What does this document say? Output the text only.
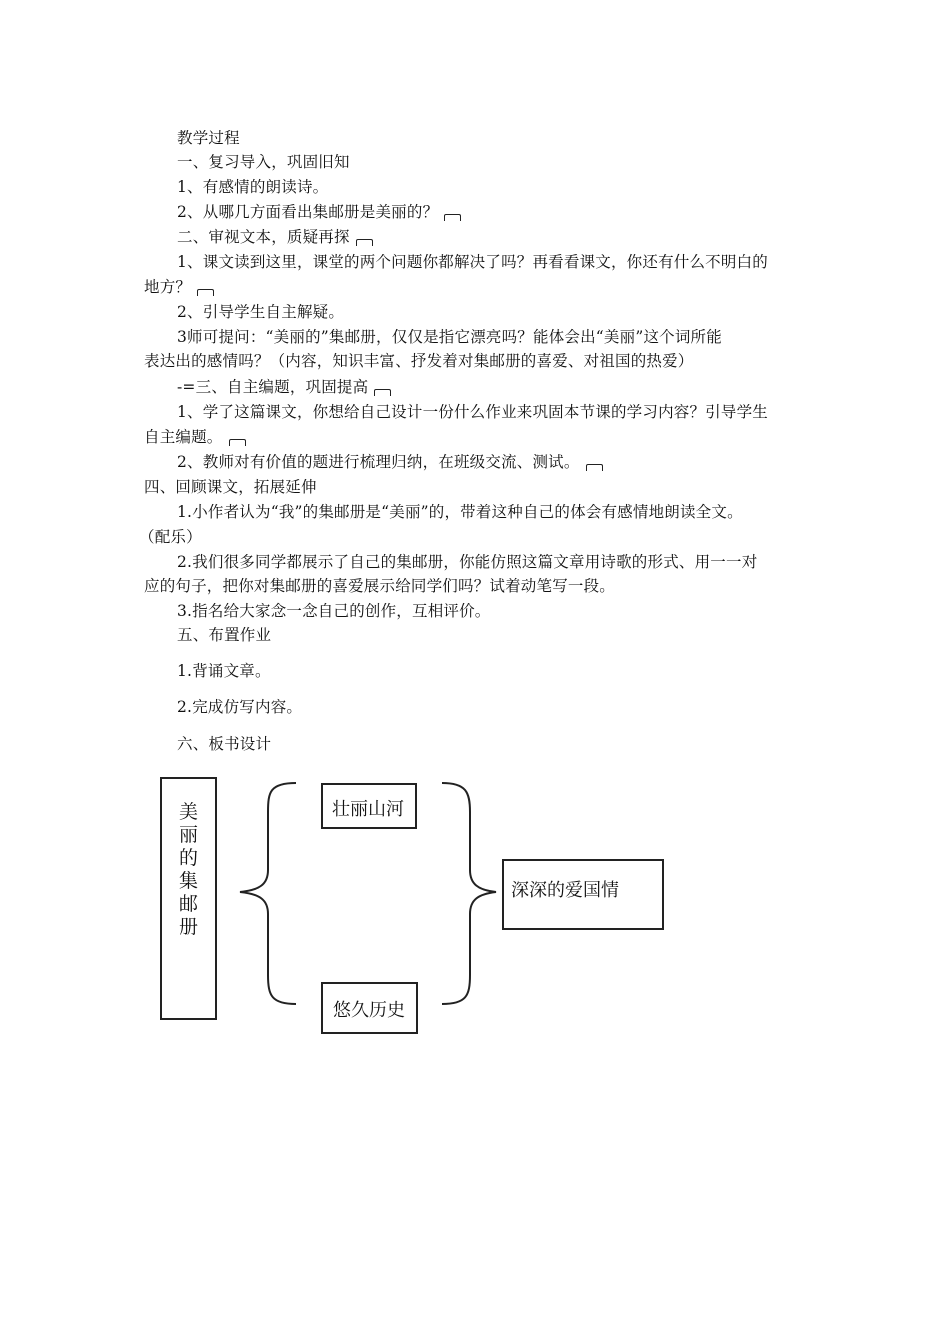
教学过程
一、复习导入，巩固旧知
1、有感情的朗读诗。
2、从哪几方面看出集邮册是美丽的？
二、审视文本，质疑再探
1、课文读到这里，课堂的两个问题你都解决了吗？再看看课文，你还有什么不明白的
地方？
2、引导学生自主解疑。
3师可提问：“美丽的”集邮册，仅仅是指它漂亮吗？能体会出“美丽”这个词所能
表达出的感情吗？（内容，知识丰富、抒发着对集邮册的喜爱、对祖国的热爱）
-=三、自主编题，巩固提高
1、学了这篇课文，你想给自己设计一份什么作业来巩固本节课的学习内容？引导学生
自主编题。
2、教师对有价值的题进行梳理归纳，在班级交流、测试。
四、回顾课文，拓展延伸
1.小作者认为“我”的集邮册是“美丽”的，带着这种自己的体会有感情地朗读全文。
（配乐）
2.我们很多同学都展示了自己的集邮册，你能仿照这篇文章用诗歌的形式、用一一对
应的句子，把你对集邮册的喜爱展示给同学们吗？试着动笔写一段。
3.指名给大家念一念自己的创作，互相评价。
五、布置作业
1.背诵文章。
2.完成仿写内容。
六、板书设计
美
丽
的
集
邮
册
壮丽山河
悠久历史
深深的爱国情
